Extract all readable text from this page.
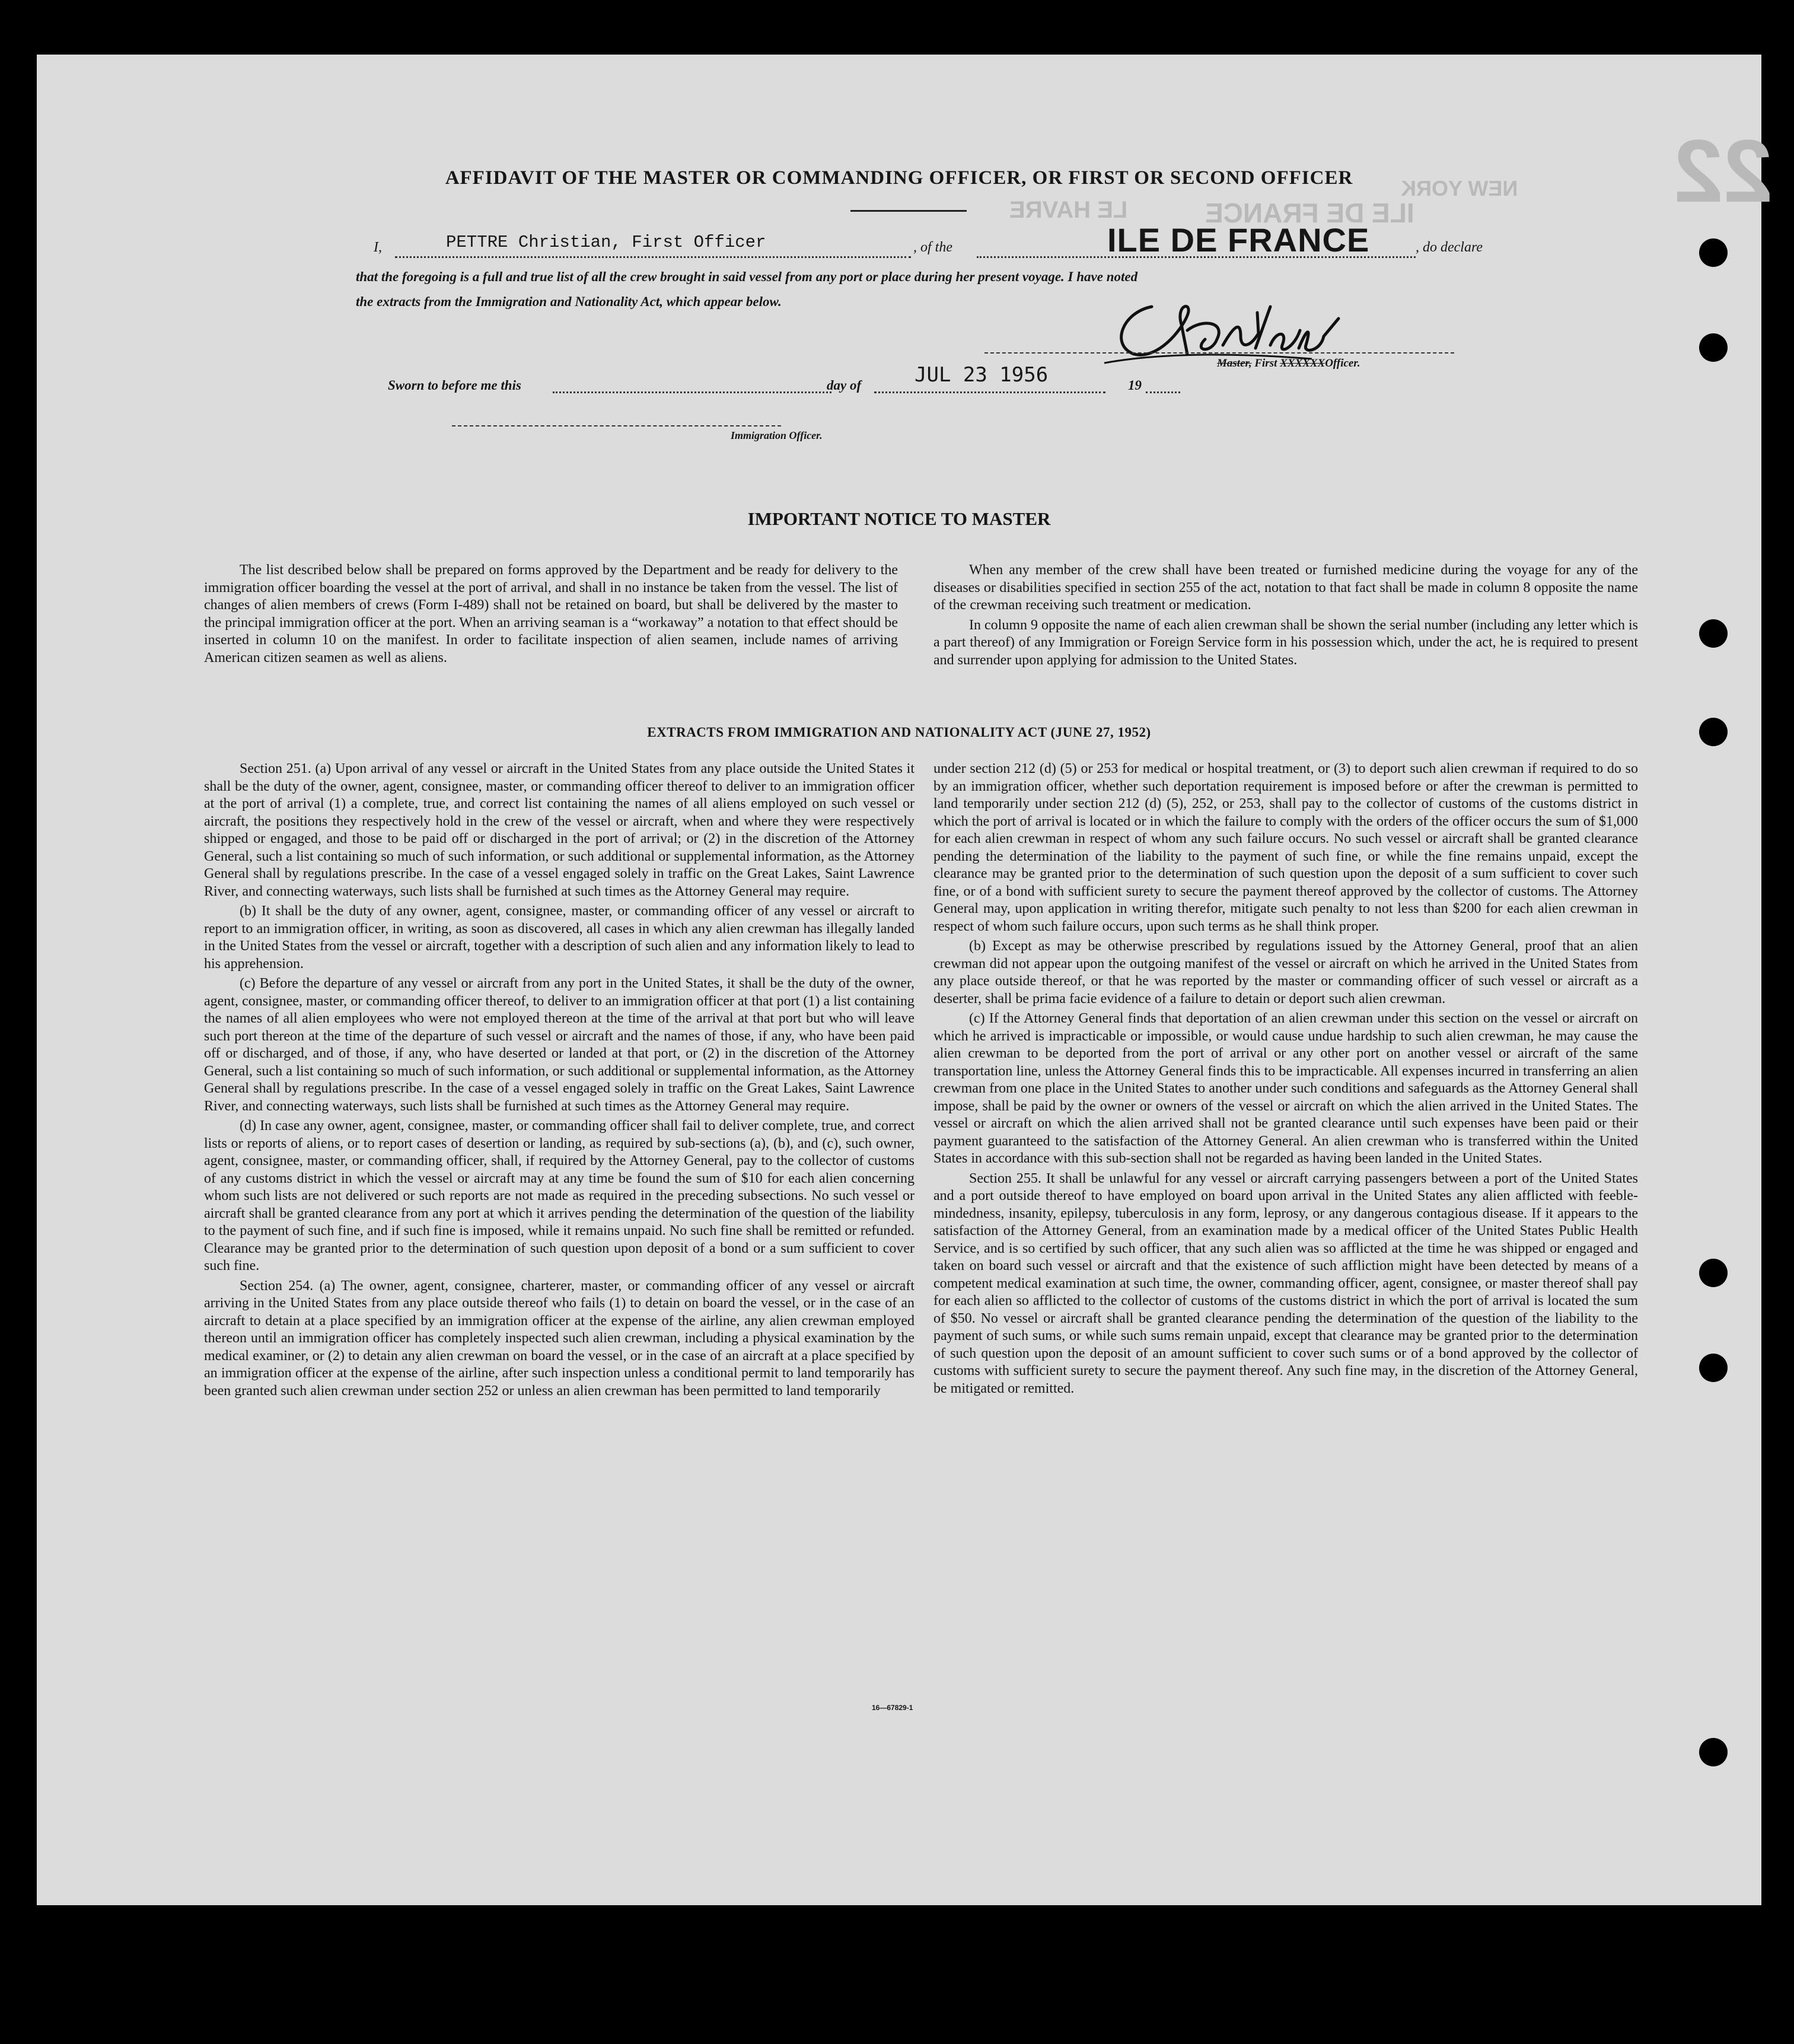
22
ILE DE FRANCE
LE HAVRE
NEW YORK
AFFIDAVIT OF THE MASTER OR COMMANDING OFFICER, OR FIRST OR SECOND OFFICER
I,	PETTRE Christian, First Officer	, of the	ILE DE FRANCE	, do declare
that the foregoing is a full and true list of all the crew brought in said vessel from any port or place during her present voyage. I have noted
the extracts from the Immigration and Nationality Act, which appear below.
Master, First XXXXXXOfficer.
Sworn to before me this	day of	JUL 23 1956	19
Immigration Officer.
IMPORTANT NOTICE TO MASTER

The list described below shall be prepared on forms approved by the Department and be ready for delivery to the immigration officer boarding the vessel at the port of arrival, and shall in no instance be taken from the vessel. The list of changes of alien members of crews (Form I-489) shall not be retained on board, but shall be delivered by the master to the principal immigration officer at the port. When an arriving seaman is a “workaway” a notation to that effect should be inserted in column 10 on the manifest. In order to facilitate inspection of alien seamen, include names of arriving American citizen seamen as well as aliens.

When any member of the crew shall have been treated or furnished medicine during the voyage for any of the diseases or disabilities specified in section 255 of the act, notation to that fact shall be made in column 8 opposite the name of the crewman receiving such treatment or medication.

In column 9 opposite the name of each alien crewman shall be shown the serial number (including any letter which is a part thereof) of any Immigration or Foreign Service form in his possession which, under the act, he is required to present and surrender upon applying for admission to the United States.

EXTRACTS FROM IMMIGRATION AND NATIONALITY ACT (JUNE 27, 1952)

Section 251. (a) Upon arrival of any vessel or aircraft in the United States from any place outside the United States it shall be the duty of the owner, agent, consignee, master, or commanding officer thereof to deliver to an immigration officer at the port of arrival (1) a complete, true, and correct list containing the names of all aliens employed on such vessel or aircraft, the positions they respectively hold in the crew of the vessel or aircraft, when and where they were respectively shipped or engaged, and those to be paid off or discharged in the port of arrival; or (2) in the discretion of the Attorney General, such a list containing so much of such information, or such additional or supplemental information, as the Attorney General shall by regulations prescribe. In the case of a vessel engaged solely in traffic on the Great Lakes, Saint Lawrence River, and connecting waterways, such lists shall be furnished at such times as the Attorney General may require.

(b) It shall be the duty of any owner, agent, consignee, master, or commanding officer of any vessel or aircraft to report to an immigration officer, in writing, as soon as discovered, all cases in which any alien crewman has illegally landed in the United States from the vessel or aircraft, together with a description of such alien and any information likely to lead to his apprehension.

(c) Before the departure of any vessel or aircraft from any port in the United States, it shall be the duty of the owner, agent, consignee, master, or commanding officer thereof, to deliver to an immigration officer at that port (1) a list containing the names of all alien employees who were not employed thereon at the time of the arrival at that port but who will leave such port thereon at the time of the departure of such vessel or aircraft and the names of those, if any, who have been paid off or discharged, and of those, if any, who have deserted or landed at that port, or (2) in the discretion of the Attorney General, such a list containing so much of such information, or such additional or supplemental information, as the Attorney General shall by regulations prescribe. In the case of a vessel engaged solely in traffic on the Great Lakes, Saint Lawrence River, and connecting waterways, such lists shall be furnished at such times as the Attorney General may require.

(d) In case any owner, agent, consignee, master, or commanding officer shall fail to deliver complete, true, and correct lists or reports of aliens, or to report cases of desertion or landing, as required by sub-sections (a), (b), and (c), such owner, agent, consignee, master, or commanding officer, shall, if required by the Attorney General, pay to the collector of customs of any customs district in which the vessel or aircraft may at any time be found the sum of $10 for each alien concerning whom such lists are not delivered or such reports are not made as required in the preceding subsections. No such vessel or aircraft shall be granted clearance from any port at which it arrives pending the determination of the question of the liability to the payment of such fine, and if such fine is imposed, while it remains unpaid. No such fine shall be remitted or refunded. Clearance may be granted prior to the determination of such question upon deposit of a bond or a sum sufficient to cover such fine.

Section 254. (a) The owner, agent, consignee, charterer, master, or commanding officer of any vessel or aircraft arriving in the United States from any place outside thereof who fails (1) to detain on board the vessel, or in the case of an aircraft to detain at a place specified by an immigration officer at the expense of the airline, any alien crewman employed thereon until an immigration officer has completely inspected such alien crewman, including a physical examination by the medical examiner, or (2) to detain any alien crewman on board the vessel, or in the case of an aircraft at a place specified by an immigration officer at the expense of the airline, after such inspection unless a conditional permit to land temporarily has been granted such alien crewman under section 252 or unless an alien crewman has been permitted to land temporarily

under section 212 (d) (5) or 253 for medical or hospital treatment, or (3) to deport such alien crewman if required to do so by an immigration officer, whether such deportation requirement is imposed before or after the crewman is permitted to land temporarily under section 212 (d) (5), 252, or 253, shall pay to the collector of customs of the customs district in which the port of arrival is located or in which the failure to comply with the orders of the officer occurs the sum of $1,000 for each alien crewman in respect of whom any such failure occurs. No such vessel or aircraft shall be granted clearance pending the determination of the liability to the payment of such fine, or while the fine remains unpaid, except the clearance may be granted prior to the determination of such question upon the deposit of a sum sufficient to cover such fine, or of a bond with sufficient surety to secure the payment thereof approved by the collector of customs. The Attorney General may, upon application in writing therefor, mitigate such penalty to not less than $200 for each alien crewman in respect of whom such failure occurs, upon such terms as he shall think proper.

(b) Except as may be otherwise prescribed by regulations issued by the Attorney General, proof that an alien crewman did not appear upon the outgoing manifest of the vessel or aircraft on which he arrived in the United States from any place outside thereof, or that he was reported by the master or commanding officer of such vessel or aircraft as a deserter, shall be prima facie evidence of a failure to detain or deport such alien crewman.

(c) If the Attorney General finds that deportation of an alien crewman under this section on the vessel or aircraft on which he arrived is impracticable or impossible, or would cause undue hardship to such alien crewman, he may cause the alien crewman to be deported from the port of arrival or any other port on another vessel or aircraft of the same transportation line, unless the Attorney General finds this to be impracticable. All expenses incurred in transferring an alien crewman from one place in the United States to another under such conditions and safeguards as the Attorney General shall impose, shall be paid by the owner or owners of the vessel or aircraft on which the alien arrived in the United States. The vessel or aircraft on which the alien arrived shall not be granted clearance until such expenses have been paid or their payment guaranteed to the satisfaction of the Attorney General. An alien crewman who is transferred within the United States in accordance with this sub-section shall not be regarded as having been landed in the United States.

Section 255. It shall be unlawful for any vessel or aircraft carrying passengers between a port of the United States and a port outside thereof to have employed on board upon arrival in the United States any alien afflicted with feeble-mindedness, insanity, epilepsy, tuberculosis in any form, leprosy, or any dangerous contagious disease. If it appears to the satisfaction of the Attorney General, from an examination made by a medical officer of the United States Public Health Service, and is so certified by such officer, that any such alien was so afflicted at the time he was shipped or engaged and taken on board such vessel or aircraft and that the existence of such affliction might have been detected by means of a competent medical examination at such time, the owner, commanding officer, agent, consignee, or master thereof shall pay for each alien so afflicted to the collector of customs of the customs district in which the port of arrival is located the sum of $50. No vessel or aircraft shall be granted clearance pending the determination of the question of the liability to the payment of such sums, or while such sums remain unpaid, except that clearance may be granted prior to the determination of such question upon the deposit of an amount sufficient to cover such sums or of a bond approved by the collector of customs with sufficient surety to secure the payment thereof. Any such fine may, in the discretion of the Attorney General, be mitigated or remitted.

16—67829-1
